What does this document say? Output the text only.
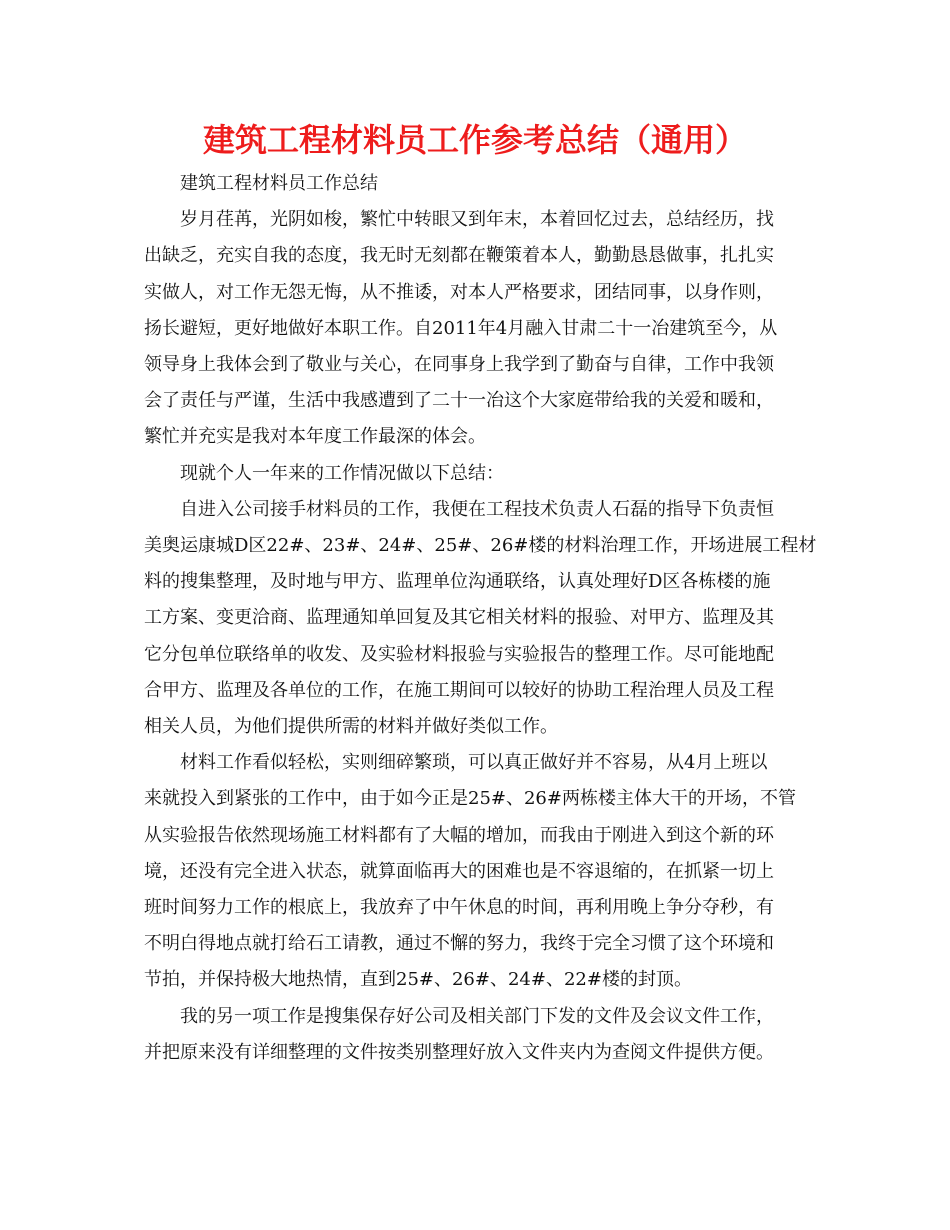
建筑工程材料员工作参考总结（通用）

建筑工程材料员工作总结

岁月荏苒，光阴如梭，繁忙中转眼又到年末，本着回忆过去，总结经历，找
出缺乏，充实自我的态度，我无时无刻都在鞭策着本人，勤勤恳恳做事，扎扎实
实做人，对工作无怨无悔，从不推诿，对本人严格要求，团结同事，以身作则，
扬长避短，更好地做好本职工作。自2011年4月融入甘肃二十一冶建筑至今，从
领导身上我体会到了敬业与关心，在同事身上我学到了勤奋与自律，工作中我领
会了责任与严谨，生活中我感遭到了二十一冶这个大家庭带给我的关爱和暖和，
繁忙并充实是我对本年度工作最深的体会。

现就个人一年来的工作情况做以下总结：

自进入公司接手材料员的工作，我便在工程技术负责人石磊的指导下负责恒
美奥运康城D区22#、23#、24#、25#、26#楼的材料治理工作，开场进展工程材
料的搜集整理，及时地与甲方、监理单位沟通联络，认真处理好D区各栋楼的施
工方案、变更洽商、监理通知单回复及其它相关材料的报验、对甲方、监理及其
它分包单位联络单的收发、及实验材料报验与实验报告的整理工作。尽可能地配
合甲方、监理及各单位的工作，在施工期间可以较好的协助工程治理人员及工程
相关人员，为他们提供所需的材料并做好类似工作。

材料工作看似轻松，实则细碎繁琐，可以真正做好并不容易，从4月上班以
来就投入到紧张的工作中，由于如今正是25#、26#两栋楼主体大干的开场，不管
从实验报告依然现场施工材料都有了大幅的增加，而我由于刚进入到这个新的环
境，还没有完全进入状态，就算面临再大的困难也是不容退缩的，在抓紧一切上
班时间努力工作的根底上，我放弃了中午休息的时间，再利用晚上争分夺秒，有
不明白得地点就打给石工请教，通过不懈的努力，我终于完全习惯了这个环境和
节拍，并保持极大地热情，直到25#、26#、24#、22#楼的封顶。

我的另一项工作是搜集保存好公司及相关部门下发的文件及会议文件工作，
并把原来没有详细整理的文件按类别整理好放入文件夹内为查阅文件提供方便。
